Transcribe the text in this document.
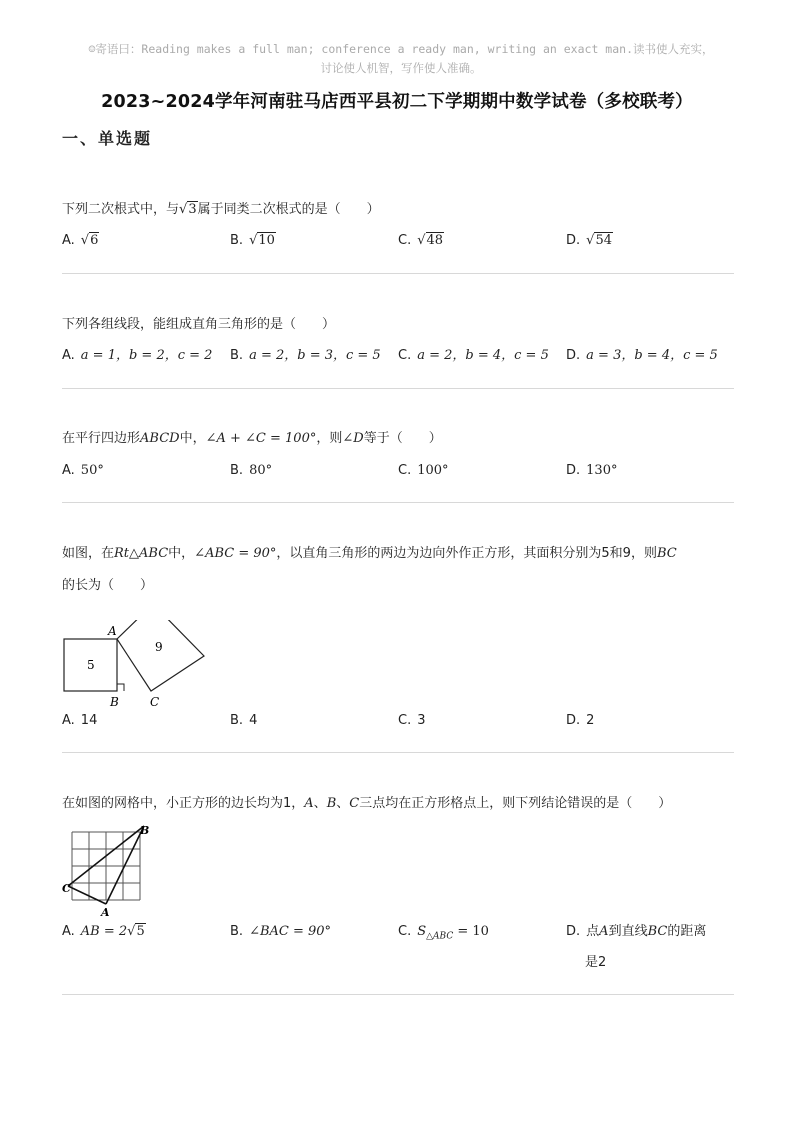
☺寄语曰：Reading makes a full man; conference a ready man, writing an exact man.读书使人充实，
讨论使人机智，写作使人准确。
2023~2024学年河南驻马店西平县初二下学期期中数学试卷（多校联考）
一、单选题
下列二次根式中，与√3属于同类二次根式的是（　　）
A. √6	B. √10	C. √48	D. √54
下列各组线段，能组成直角三角形的是（　　）
A. a = 1，b = 2，c = 2 B. a = 2，b = 3，c = 5 C. a = 2，b = 4，c = 5 D. a = 3，b = 4，c = 5
在平行四边形ABCD中，∠A + ∠C = 100°，则∠D等于（　　）
A. 50°	B. 80°	C. 100°	D. 130°
如图，在Rt△ABC中，∠ABC = 90°，以直角三角形的两边为边向外作正方形，其面积分别为5和9，则BC
的长为（　　）
5
9
A
B	C
A. 14	B. 4	C. 3	D. 2
在如图的网格中，小正方形的边长均为1，A、B、C三点均在正方形格点上，则下列结论错误的是（　　）
A
B
C
A. AB = 2√5	B. ∠BAC = 90°	C. $S_{\triangle ABC} = 10$	D. 点A到直线BC的距离
是2
